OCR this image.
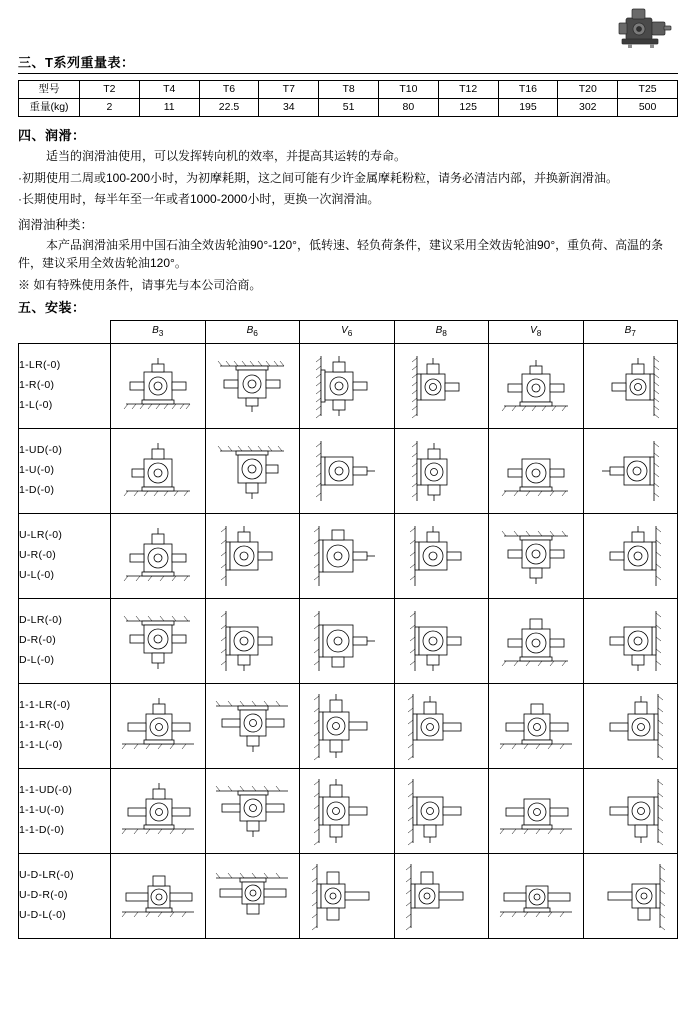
三、T系列重量表：
型号	T2	T4	T6	T7	T8	T10	T12	T16	T20	T25
重量(kg)	2	11	22.5	34	51	80	125	195	302	500
四、润滑：
适当的润滑油使用，可以发挥转向机的效率，并提高其运转的寿命。
·初期使用二周或100-200小时，为初摩耗期，这之间可能有少许金属摩耗粉粒，请务必清洁内部，并换新润滑油。
·长期使用时，每半年至一年或者1000-2000小时，更换一次润滑油。
润滑油种类：
本产品润滑油采用中国石油全效齿轮油90°-120°，低转速、轻负荷条件，建议采用全效齿轮油90°，重负荷、高温的条件，建议采用全效齿轮油120°。
※ 如有特殊使用条件，请事先与本公司洽商。
五、安装：
	$B_3$	$B_6$	$V_6$	$B_8$	$V_8$	$B_7$

1-LR(-0)
1-R(-0)
1-L(-0)

1-UD(-0)
1-U(-0)
1-D(-0)

U-LR(-0)
U-R(-0)
U-L(-0)

D-LR(-0)
D-R(-0)
D-L(-0)

1-1-LR(-0)
1-1-R(-0)
1-1-L(-0)

1-1-UD(-0)
1-1-U(-0)
1-1-D(-0)

U-D-LR(-0)
U-D-R(-0)
U-D-L(-0)
